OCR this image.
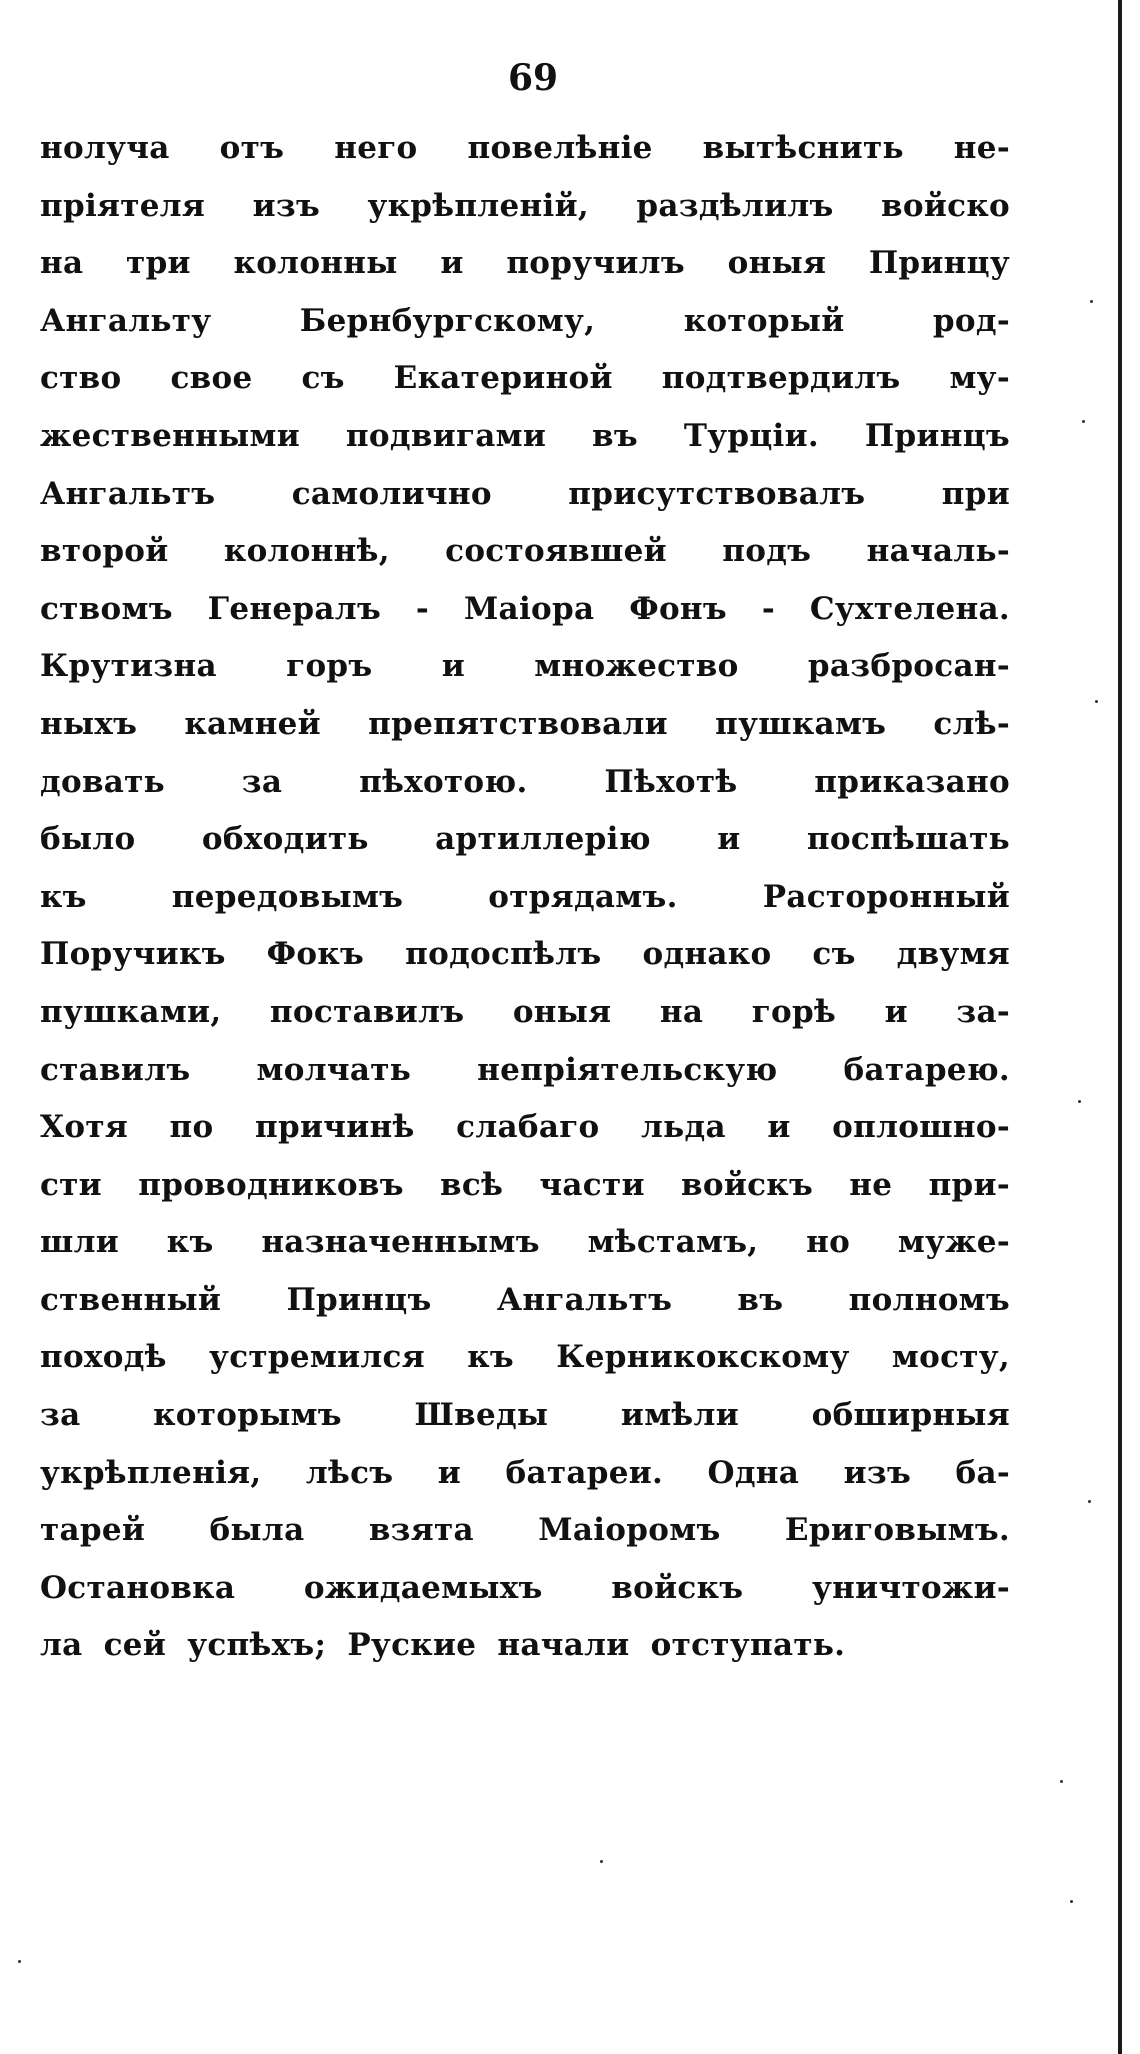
69
нолуча отъ него повелѣніе вытѣснить не-
пріятеля изъ укрѣпленій, раздѣлилъ войско
на три колонны и поручилъ оныя Принцу
Ангальту Бернбургскому, который род-
ство свое съ Екатериной подтвердилъ му-
жественными подвигами въ Турціи. Принцъ
Ангальтъ самолично присутствовалъ при
второй колоннѣ, состоявшей подъ началь-
ствомъ Генералъ - Маіора Фонъ - Сухтелена.
Крутизна горъ и множество разбросан-
ныхъ камней препятствовали пушкамъ слѣ-
довать за пѣхотою. Пѣхотѣ приказано
было обходить артиллерію и поспѣшать
къ передовымъ отрядамъ. Расторонный
Поручикъ Фокъ подоспѣлъ однако съ двумя
пушками, поставилъ оныя на горѣ и за-
ставилъ молчать непріятельскую батарею.
Хотя по причинѣ слабаго льда и оплошно-
сти проводниковъ всѣ части войскъ не при-
шли къ назначеннымъ мѣстамъ, но муже-
ственный Принцъ Ангальтъ въ полномъ
походѣ устремился къ Керникокскому мосту,
за которымъ Шведы имѣли обширныя
укрѣпленія, лѣсъ и батареи. Одна изъ ба-
тарей была взята Маіоромъ Ериговымъ.
Остановка ожидаемыхъ войскъ уничтожи-
ла сей успѣхъ; Руские начали отступать.
